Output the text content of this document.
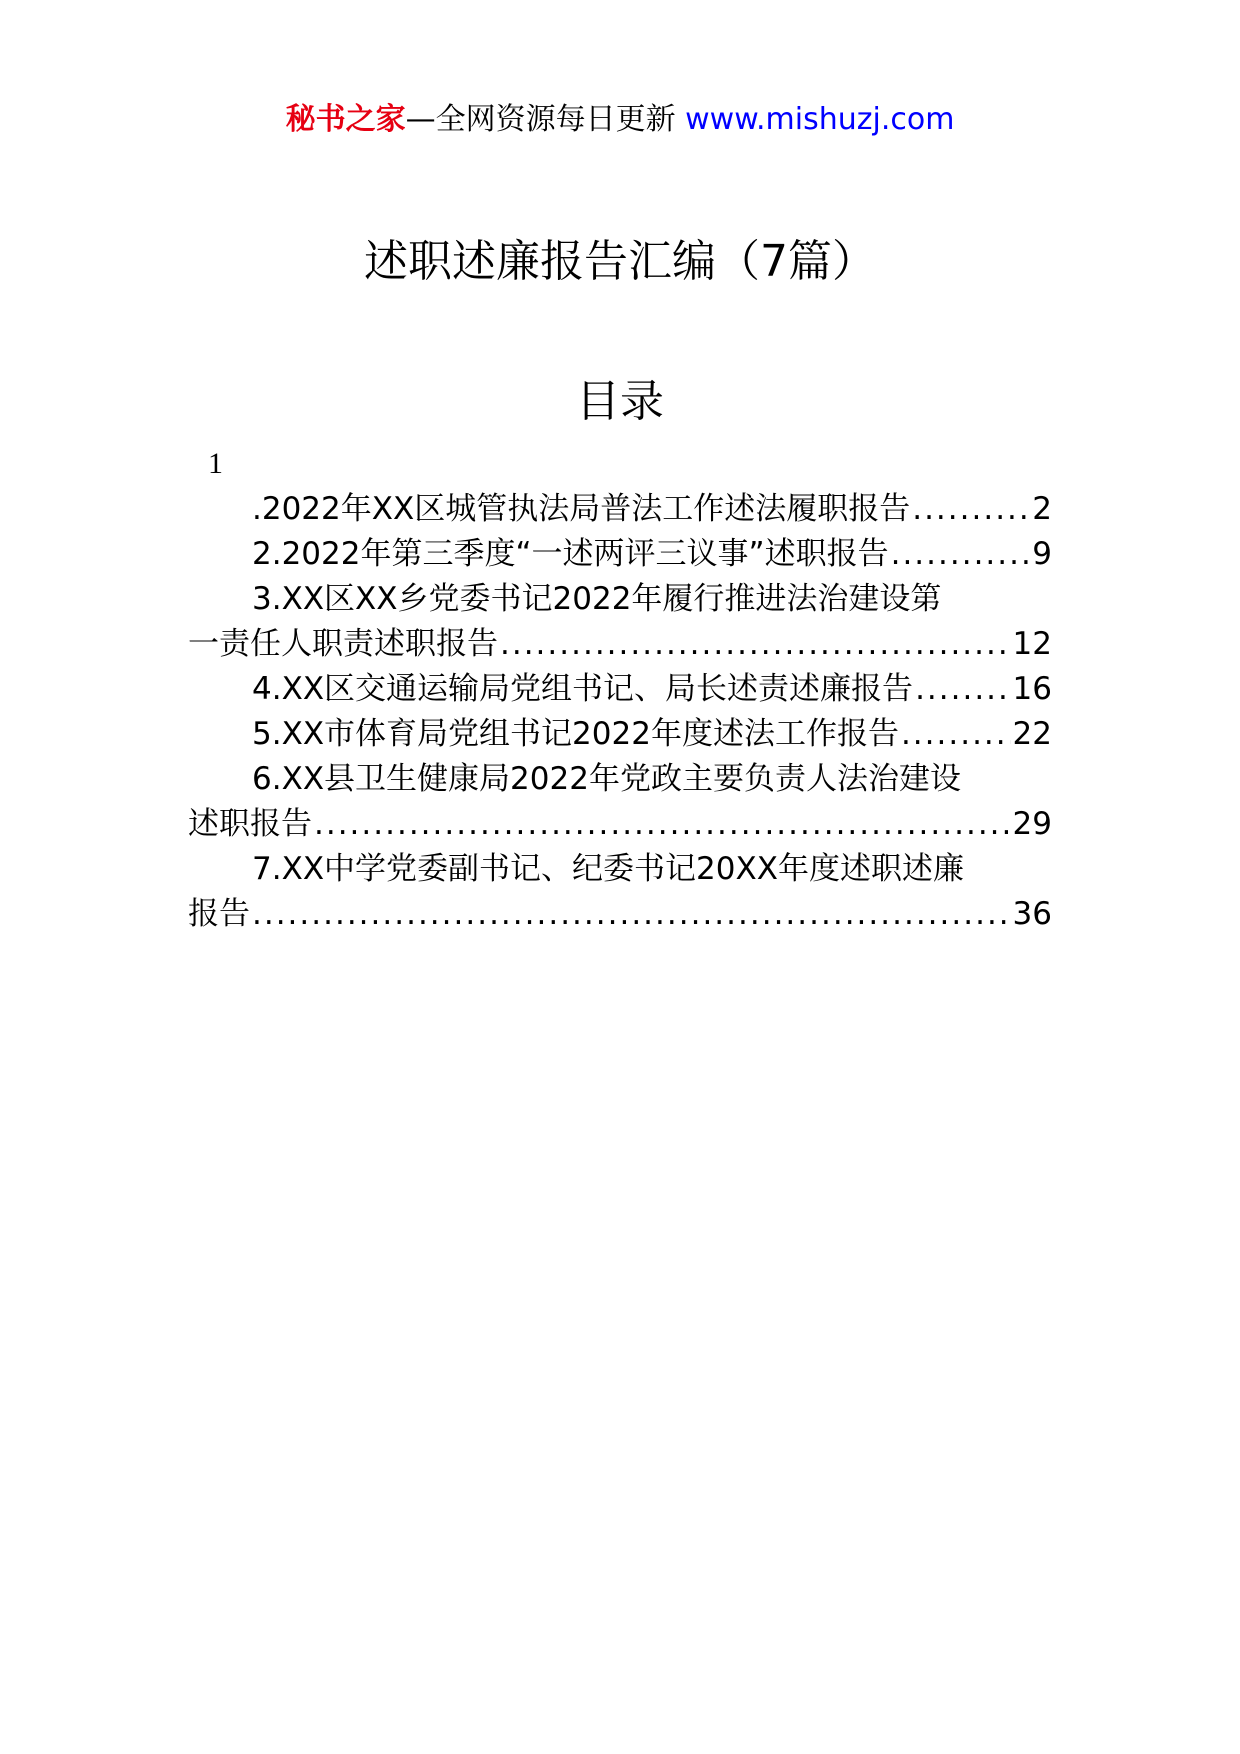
秘书之家—全网资源每日更新 www.mishuzj.com
述职述廉报告汇编（7篇）
目录
1
.2022年XX区城管执法局普法工作述法履职报告 .....	2
2.2022年第三季度“一述两评三议事”述职报告 .....	9
3.XX区XX乡党委书记2022年履行推进法治建设第
一责任人职责述职报告 .....	12
4.XX区交通运输局党组书记、局长述责述廉报告 .....	16
5.XX市体育局党组书记2022年度述法工作报告 .....	22
6.XX县卫生健康局2022年党政主要负责人法治建设
述职报告 .....	29
7.XX中学党委副书记、纪委书记20XX年度述职述廉
报告 .....	36
